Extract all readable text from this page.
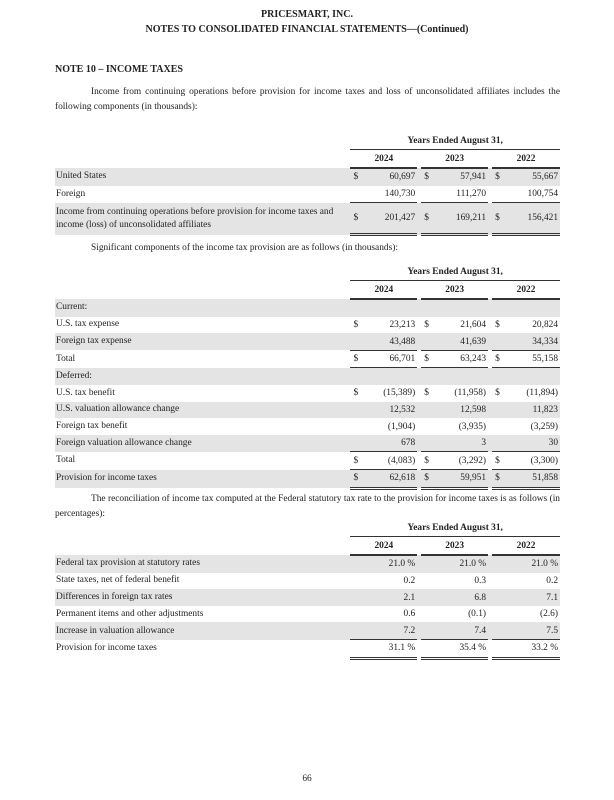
PRICESMART, INC.
NOTES TO CONSOLIDATED FINANCIAL STATEMENTS—(Continued)
NOTE 10 – INCOME TAXES
Income from continuing operations before provision for income taxes and loss of unconsolidated affiliates includes the following components (in thousands):
Significant components of the income tax provision are as follows (in thousands):
The reconciliation of income tax computed at the Federal statutory tax rate to the provision for income taxes is as follows (in percentages):
	Years Ended August 31,							
	2024			2023			2022	
United States	$	60,697		$	57,941		$	55,667
Foreign		140,730			111,270			100,754
Income from continuing operations before provision for income taxes and income (loss) of unconsolidated affiliates	$	201,427		$	169,211		$	156,421
	Years Ended August 31,							
	2024			2023			2022	
Current:								
U.S. tax expense	$	23,213		$	21,604		$	20,824
Foreign tax expense		43,488			41,639			34,334
Total	$	66,701		$	63,243		$	55,158
Deferred:								
U.S. tax benefit	$	(15,389)		$	(11,958)		$	(11,894)
U.S. valuation allowance change		12,532			12,598			11,823
Foreign tax benefit		(1,904)			(3,935)			(3,259)
Foreign valuation allowance change		678			3			30
Total	$	(4,083)		$	(3,292)		$	(3,300)
Provision for income taxes	$	62,618		$	59,951		$	51,858
	Years Ended August 31,							
	2024			2023			2022	
Federal tax provision at statutory rates		21.0 %			21.0 %			21.0 %
State taxes, net of federal benefit		0.2			0.3			0.2
Differences in foreign tax rates		2.1			6.8			7.1
Permanent items and other adjustments		0.6			(0.1)			(2.6)
Increase in valuation allowance		7.2			7.4			7.5
Provision for income taxes		31.1 %			35.4 %			33.2 %
66
